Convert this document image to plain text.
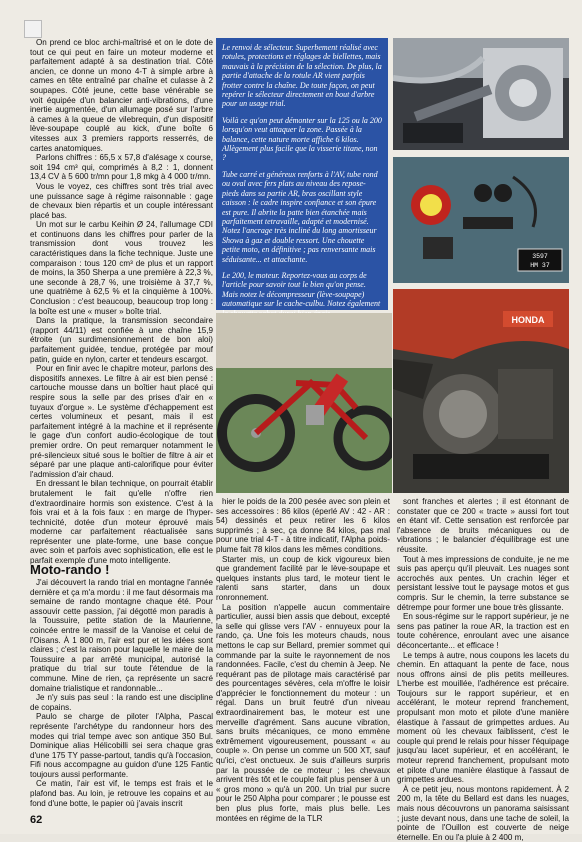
On prend ce bloc archi-maîtrisé et on le dote de tout ce qui peut en faire un moteur moderne et parfaitement adapté à sa destination trial. Côté ancien, ce donne un mono 4-T à simple arbre à cames en tête entraîné par chaîne et culasse à 2 soupapes. Côté jeune, cette base vénérable se voit équipée d'un balancier anti-vibrations, d'une inertie augmentée, d'un allumage posé sur l'arbre à cames à la queue de vilebrequin, d'un dispositif lève-soupape couplé au kick, d'une boîte 6 vitesses aux 3 premiers rapports resserrés, de cartes anatomiques.

Parlons chiffres : 65,5 x 57,8 d'alésage x course, soit 194 cm³ qui, comprimés à 8,2 : 1, donnent 13,4 CV à 5 600 tr/mn pour 1,8 mkg à 4 000 tr/mn.

Vous le voyez, ces chiffres sont très trial avec une puissance sage à régime raisonnable : gage de chevaux bien répartis et un couple intéressant placé bas.

Un mot sur le carbu Keihin Ø 24, l'allumage CDI et continuons dans les chiffres pour parler de la transmission dont vous trouvez les caractéristiques dans la fiche technique. Juste une comparaison : tous 120 cm³ de plus et un rapport de moins, la 350 Sherpa a une première à 22,3 %, une seconde à 28,7 %, une troisième à 37,7 %, une quatrième à 62,5 % et la cinquième à 100%. Conclusion : c'est beaucoup, beaucoup trop long : la boîte est une « muser » boîte trial.

Dans la pratique, la transmission secondaire (rapport 44/11) est confiée à une chaîne 15,9 étroite (un surdimensionnement de bon aloi) parfaitement guidée, tendue, protégée par mouf patin, guide en nylon, carter et tendeurs escargot.

Pour en finir avec le chapitre moteur, parlons des dispositifs annexes. Le filtre à air est bien pensé : cartouche mousse dans un boîtier haut placé qui respire sous la selle par des prises d'air en « tuyaux d'orgue ». Le système d'échappement est certes volumineux et pesant, mais il est parfaitement intégré à la machine et il représente le gage d'un confort audio-écologique de tout premier ordre. On peut remarquer notamment le pré-silencieux situé sous le boîtier de filtre à air et séparé par une plaque anti-calorifique pour éviter l'admission d'air chaud.

En dressant le bilan technique, on pourrait établir brutalement le fait qu'elle n'offre rien d'extraordinaire hormis son existence. C'est à la fois vrai et à la fois faux : en marge de l'hyper-technicité, dotée d'un moteur éprouvé mais moderne car parfaitement réactualisée sans représenter une plate-forme, une base conçue avec soin et parfois avec sophistication, elle est le parfait exemple d'une moto intelligente.

Moto-rando !

J'ai découvert la rando trial en montagne l'année dernière et ça m'a mordu : il me faut désormais ma semaine de rando montagne chaque été. Pour assouvir cette passion, j'ai dégotté mon paradis à la Toussuire, petite station de la Maurienne, coincée entre le massif de la Vanoise et celui de l'Oisans. À 1 800 m, l'air est pur et les idées sont claires ; c'est la raison pour laquelle le maire de la Toussuire a par arrêté municipal, autorisé la pratique du trial sur toute l'étendue de la commune. Mine de rien, ça représente un sacré domaine trialistique et randonnable...

Je n'y suis pas seul : la rando est une discipline de copains.

Paulo se charge de piloter l'Alpha, Pascal représente l'archétype du randonneur hors des modes qui trial tempe avec son antique 350 Bul. Dominique alias Hélicobilli sei sera chaque gras d'une 175 TY passe-partout, tandis qu'à l'occasion, Fifi nous accompagne au guidon d'une 125 Fantic toujours aussi performante.

Ce matin, l'air est vif, le temps est frais et le plafond bas. Au loin, je retrouve les copains et au fond d'une botte, le papier où j'avais inscrit

Le renvoi de sélecteur. Superbement réalisé avec rotules, protections et réglages de biellettes, mais mauvais à la précision de la sélection. De plus, la partie d'attache de la rotule AR vient parfois frotter contre la chaîne. De toute façon, on peut repérer le sélecteur directement en bout d'arbre pour un usage trial.

Voilà ce qu'on peut démonter sur la 125 ou la 200 lorsqu'on veut attaquer la zone. Passée à la balance, cette nature morte affiche 6 kilos. Allègement plus facile que la visserie titane, non ?

Tube carré et généreux renforts à l'AV, tube rond ou oval avec fers plats au niveau des repose-pieds dans sa partie AR, bras oscillant style caisson : le cadre inspire confiance et son épure est pure. Il abrite la patte bien étanchée mais parfaitement tetravaille, adapté et modernisé. Notez l'ancrage très incliné du long amortisseur Showa à gaz et double ressort. Une chouette petite moto, en définitive ; pas renversante mais séduisante... et attachante.

Le 200, le moteur. Reportez-vous au corps de l'article pour savoir tout le bien qu'on pense. Mais notez le décompresseur (lève-soupape) automatique sur le cache-culbu. Notez également

3597
HM 37
HONDA

hier le poids de la 200 pesée avec son plein et ses accessoires : 86 kilos (éperlé AV : 42 - AR : 54) dessinés et peux retirer les 6 kilos supprimés ; à sec, ça donne 84 kilos, pas mal pour une trial 4-T - à titre indicatif, l'Alpha poids-plume fait 78 kilos dans les mêmes conditions.

Starter mis, un coup de kick vigoureux bien que grandement facilité par le lève-soupape et quelques instants plus tard, le moteur tient le ralenti sans starter, dans un doux ronronnement.

La position n'appelle aucun commentaire particulier, aussi bien assis que debout, excepté la selle qui glisse vers l'AV - ennuyeux pour la rando, ça. Une fois les moteurs chauds, nous mettons le cap sur Bellard, premier sommet qui commande par la suite le rayonnement de nos randonnées. Facile, c'est du chemin à Jeep. Ne requérant pas de pilotage mais caractérisé par des pourcentages sévères, cela m'offre le loisir d'apprécier le fonctionnement du moteur : un régal. Dans un bruit feutré d'un niveau extraordinairement bas, le moteur est une merveille d'agrément. Sans aucune vibration, sans bruits mécaniques, ce mono emmène extrêmement vigoureusement, poussant « au couple ». On pense un comme un 500 XT, sauf qu'ici, c'est onctueux. Je suis d'ailleurs surpris par la poussée de ce moteur ; les chevaux arrivent très tôt et le couple fait plus penser à un « gros mono » qu'à un 200. Un trial pur sucre pour le 250 Alpha pour comparer ; le pousse est ben plus plus forte, mais plus belle. Les montées en régime de la TLR

sont franches et alertes ; il est étonnant de constater que ce 200 « tracte » aussi fort tout en étant vif. Cette sensation est renforcée par l'absence de bruits mécaniques ou de vibrations ; le balancier d'équilibrage est une réussite.

Tout à mes impressions de conduite, je ne me suis pas aperçu qu'il pleuvait. Les nuages sont accrochés aux pentes. Un crachin léger et persistant lessive tout le paysage motos et gus compris. Sur le chemin, la terre substance se détrempe pour former une boue très glissante.

En sous-régime sur le rapport supérieur, je ne sens pas patiner la roue AR, la traction est en toute cohérence, enroulant avec une aisance déconcertante... et efficace !

Le temps à autre, nous coupons les lacets du chemin. En attaquant la pente de face, nous nous offrons ainsi de plis petits meilleures. L'herbe est mouillée, l'adhérence est précaire. Toujours sur le rapport supérieur, et en accélérant, le moteur reprend franchement, propulsant mon moto et pilote d'une manière élastique à l'assaut de grimpettes ardues. Au moment où les chevaux faiblissent, c'est le couple qui prend le relais pour hisser l'équipage jusqu'au lacet supérieur, et en accélérant, le moteur reprend franchement, propulsant moto et pilote d'une manière élastique à l'assaut de grimpettes ardues.

À ce petit jeu, nous montons rapidement. À 2 200 m, la tête du Bellard est dans les nuages, mais nous découvrons un panorama saisissant ; juste devant nous, dans une tache de soleil, la pointe de l'Ouillon est couverte de neige éternelle. En ou l'a pluie à 2 400 m,

62
